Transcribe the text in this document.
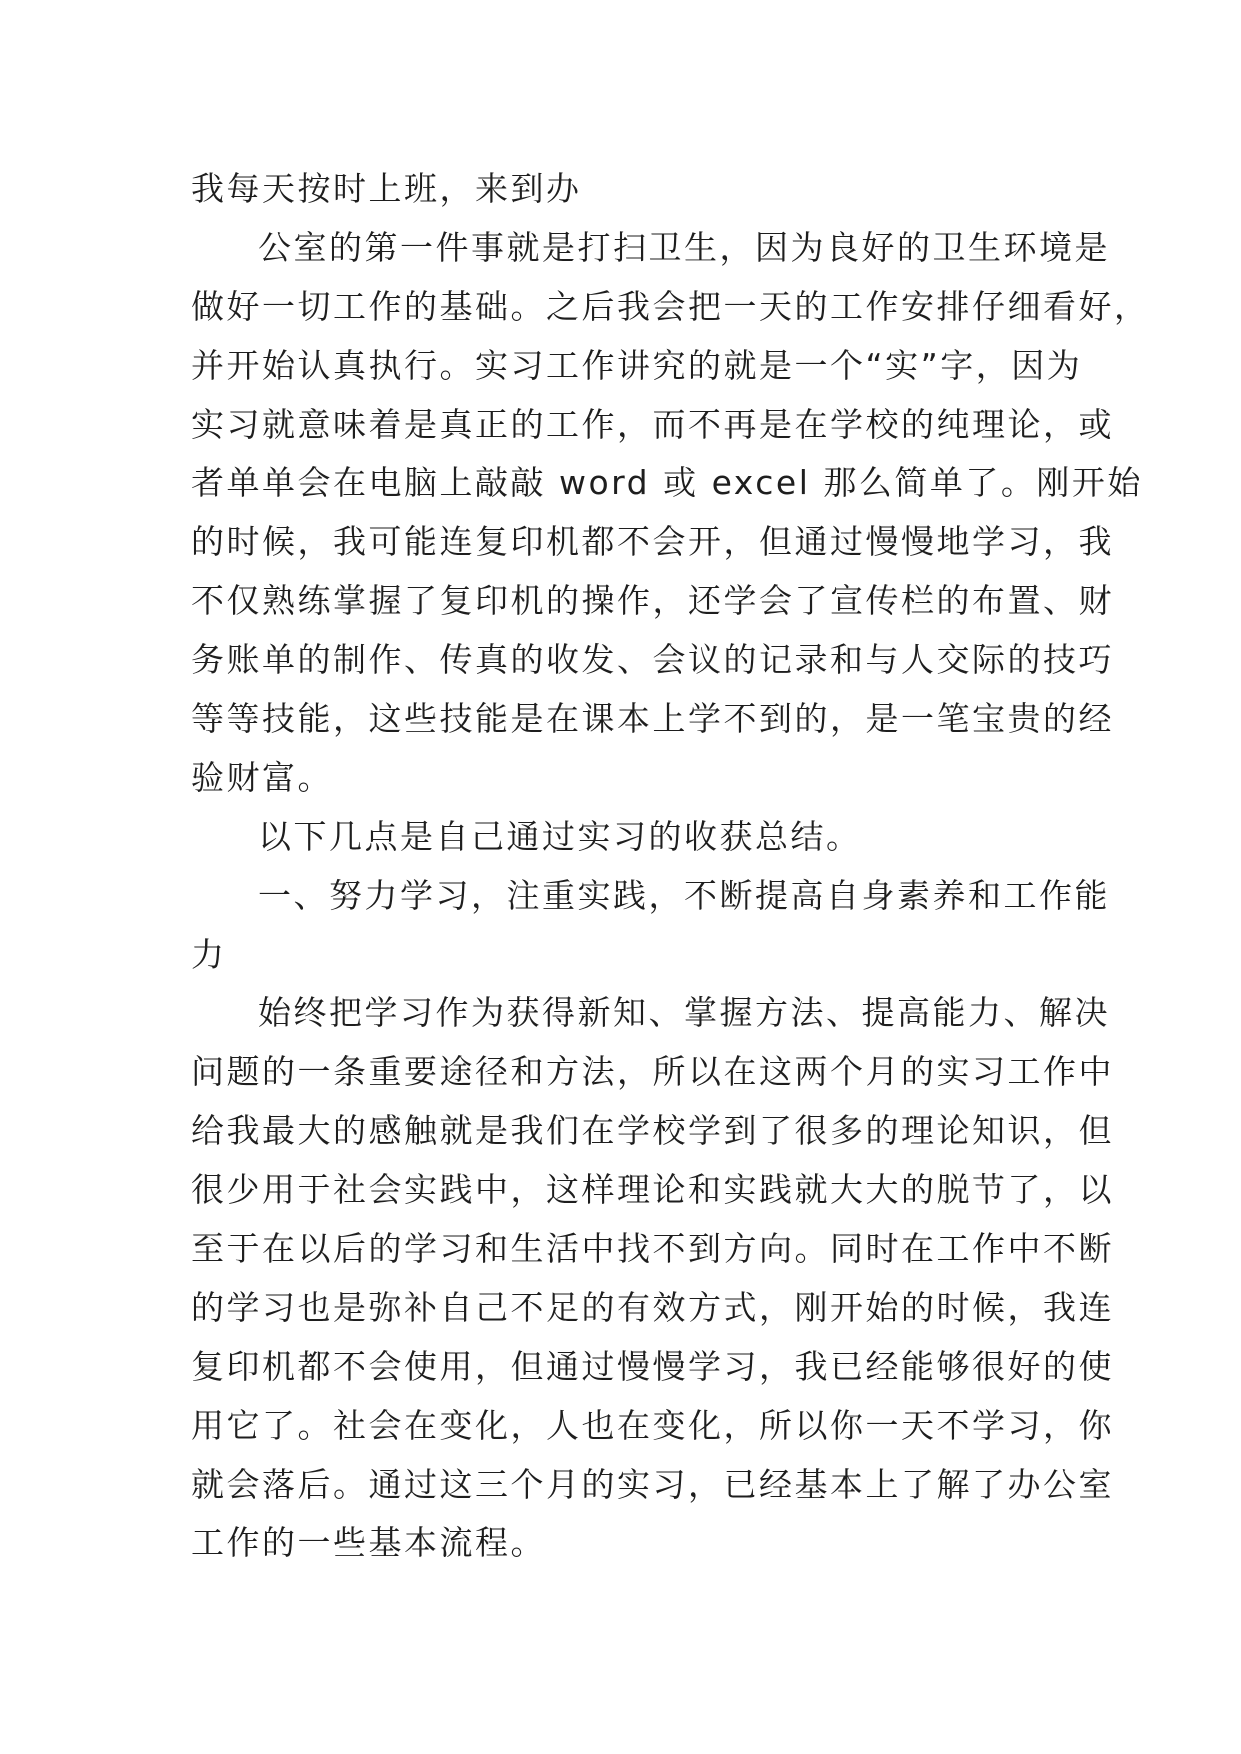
我每天按时上班，来到办
公室的第一件事就是打扫卫生，因为良好的卫生环境是
做好一切工作的基础。之后我会把一天的工作安排仔细看好，
并开始认真执行。实习工作讲究的就是一个“实”字，因为
实习就意味着是真正的工作，而不再是在学校的纯理论，或
者单单会在电脑上敲敲 word 或 excel 那么简单了。刚开始
的时候，我可能连复印机都不会开，但通过慢慢地学习，我
不仅熟练掌握了复印机的操作，还学会了宣传栏的布置、财
务账单的制作、传真的收发、会议的记录和与人交际的技巧
等等技能，这些技能是在课本上学不到的，是一笔宝贵的经
验财富。
以下几点是自己通过实习的收获总结。
一、努力学习，注重实践，不断提高自身素养和工作能
力
始终把学习作为获得新知、掌握方法、提高能力、解决
问题的一条重要途径和方法，所以在这两个月的实习工作中
给我最大的感触就是我们在学校学到了很多的理论知识，但
很少用于社会实践中，这样理论和实践就大大的脱节了，以
至于在以后的学习和生活中找不到方向。同时在工作中不断
的学习也是弥补自己不足的有效方式，刚开始的时候，我连
复印机都不会使用，但通过慢慢学习，我已经能够很好的使
用它了。社会在变化，人也在变化，所以你一天不学习，你
就会落后。通过这三个月的实习，已经基本上了解了办公室
工作的一些基本流程。
